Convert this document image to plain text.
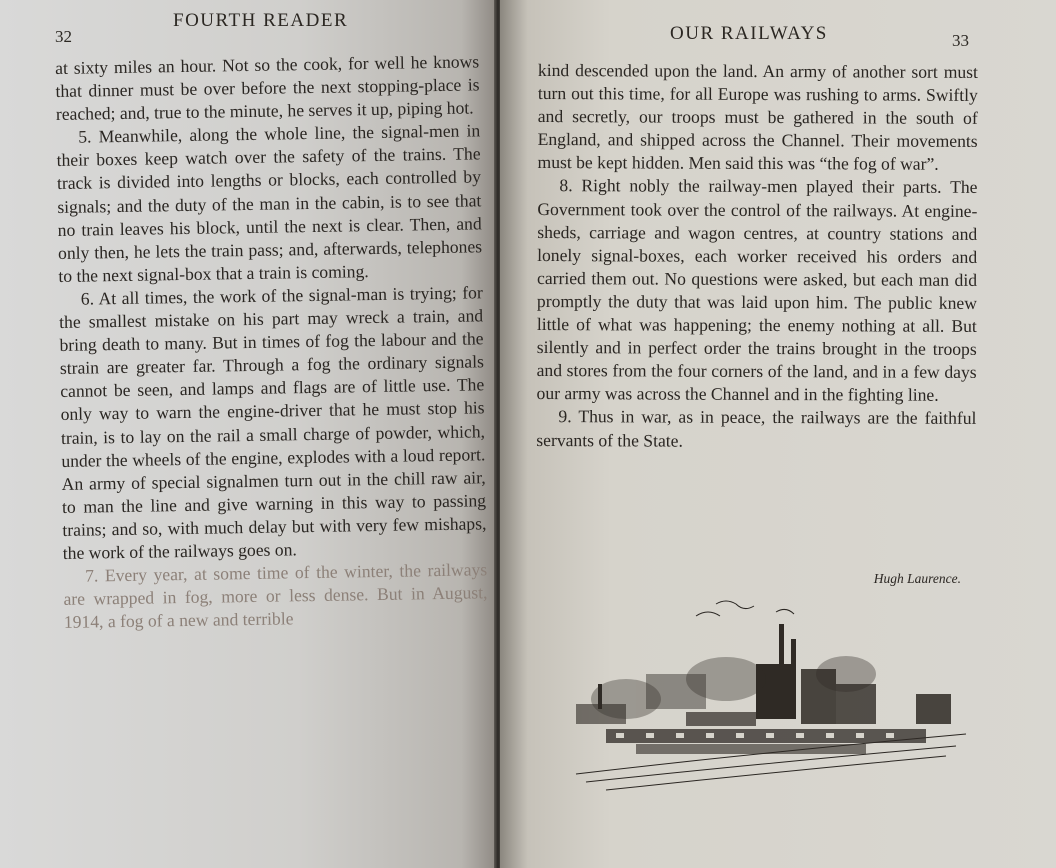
32
FOURTH READER

at sixty miles an hour. Not so the cook, for well he knows that dinner must be over before the next stopping-place is reached; and, true to the minute, he serves it up, piping hot.

5. Meanwhile, along the whole line, the signal-men in their boxes keep watch over the safety of the trains. The track is divided into lengths or blocks, each controlled by signals; and the duty of the man in the cabin, is to see that no train leaves his block, until the next is clear. Then, and only then, he lets the train pass; and, afterwards, telephones to the next signal-box that a train is coming.

6. At all times, the work of the signal-man is trying; for the smallest mistake on his part may wreck a train, and bring death to many. But in times of fog the labour and the strain are greater far. Through a fog the ordinary signals cannot be seen, and lamps and flags are of little use. The only way to warn the engine-driver that he must stop his train, is to lay on the rail a small charge of powder, which, under the wheels of the engine, explodes with a loud report. An army of special signalmen turn out in the chill raw air, to man the line and give warning in this way to passing trains; and so, with much delay but with very few mishaps, the work of the railways goes on.

7. Every year, at some time of the winter, the railways are wrapped in fog, more or less dense. But in August, 1914, a fog of a new and terrible

OUR RAILWAYS	33

kind descended upon the land. An army of another sort must turn out this time, for all Europe was rushing to arms. Swiftly and secretly, our troops must be gathered in the south of England, and shipped across the Channel. Their movements must be kept hidden. Men said this was “the fog of war”.

8. Right nobly the railway-men played their parts. The Government took over the control of the railways. At engine-sheds, carriage and wagon centres, at country stations and lonely signal-boxes, each worker received his orders and carried them out. No questions were asked, but each man did promptly the duty that was laid upon him. The public knew little of what was happening; the enemy nothing at all. But silently and in perfect order the trains brought in the troops and stores from the four corners of the land, and in a few days our army was across the Channel and in the fighting line.

9. Thus in war, as in peace, the railways are the faithful servants of the State.

Hugh Laurence.
